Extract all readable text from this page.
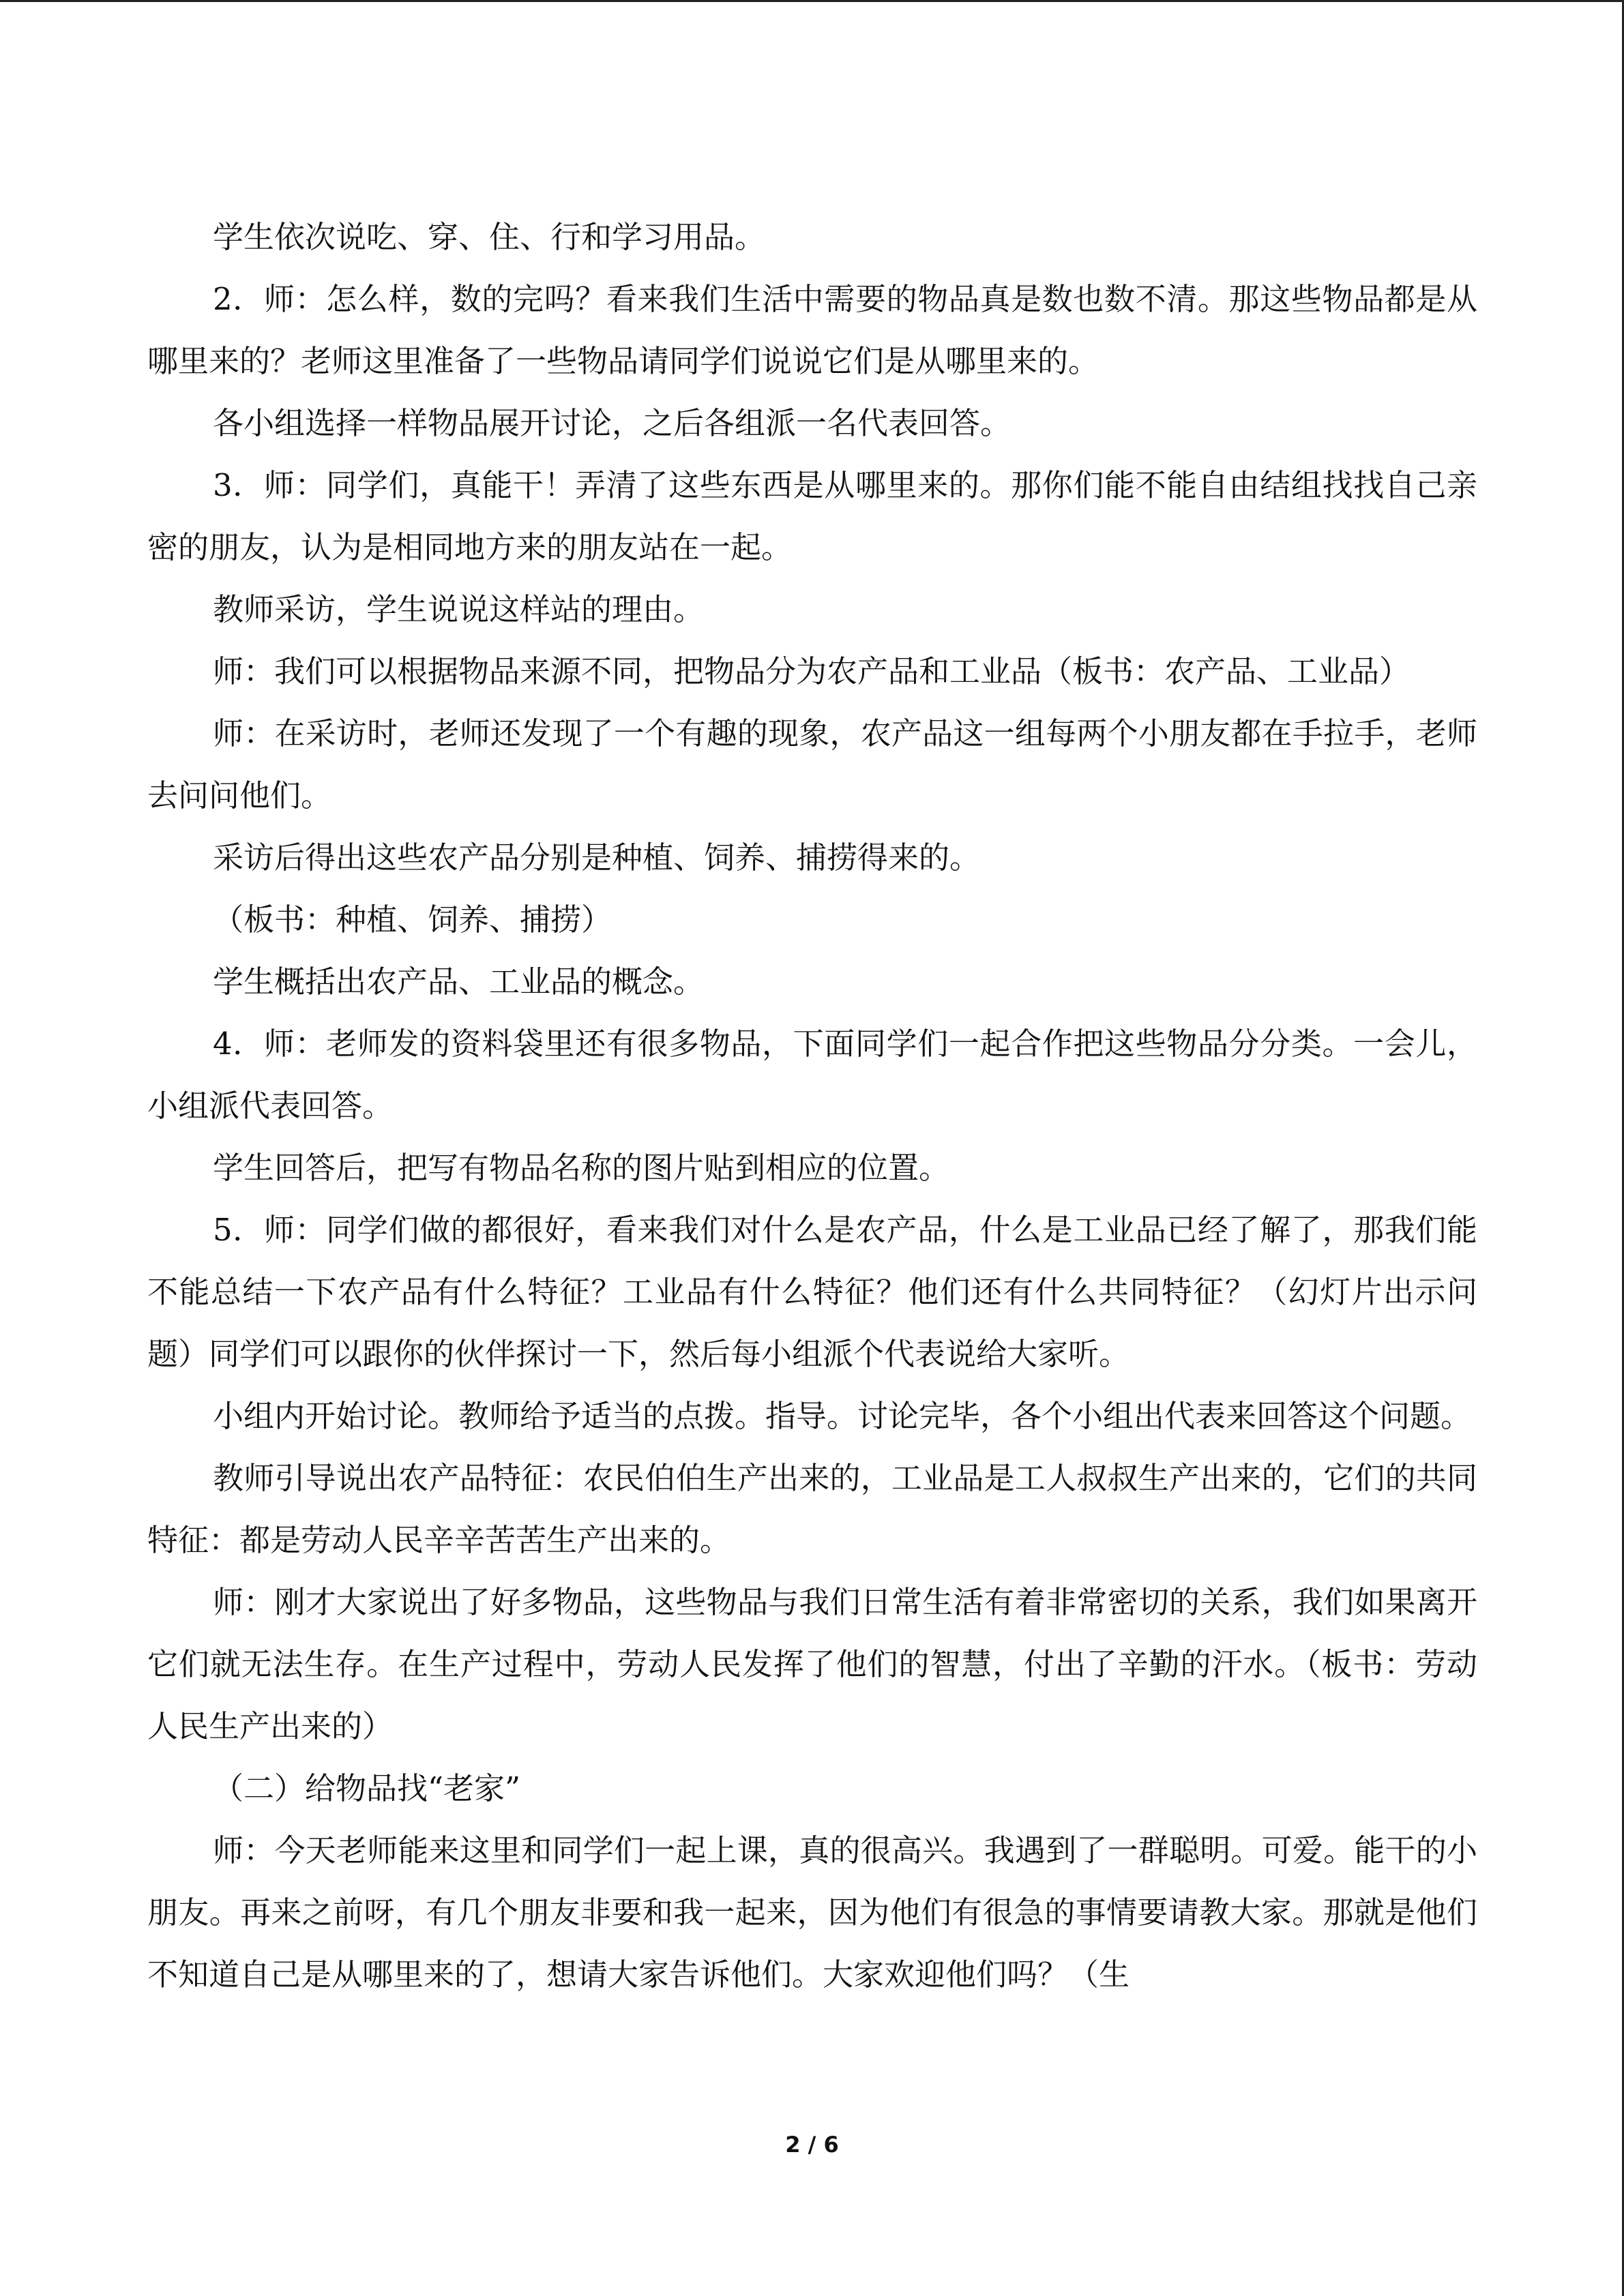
学生依次说吃、穿、住、行和学习用品。

2．师：怎么样，数的完吗？看来我们生活中需要的物品真是数也数不清。那这些物品都是从哪里来的？老师这里准备了一些物品请同学们说说它们是从哪里来的。

各小组选择一样物品展开讨论，之后各组派一名代表回答。

3．师：同学们，真能干！弄清了这些东西是从哪里来的。那你们能不能自由结组找找自己亲密的朋友，认为是相同地方来的朋友站在一起。

教师采访，学生说说这样站的理由。

师：我们可以根据物品来源不同，把物品分为农产品和工业品（板书：农产品、工业品）

师：在采访时，老师还发现了一个有趣的现象，农产品这一组每两个小朋友都在手拉手，老师去问问他们。

采访后得出这些农产品分别是种植、饲养、捕捞得来的。

（板书：种植、饲养、捕捞）

学生概括出农产品、工业品的概念。

4．师：老师发的资料袋里还有很多物品，下面同学们一起合作把这些物品分分类。一会儿，小组派代表回答。

学生回答后，把写有物品名称的图片贴到相应的位置。

5．师：同学们做的都很好，看来我们对什么是农产品，什么是工业品已经了解了，那我们能不能总结一下农产品有什么特征？工业品有什么特征？他们还有什么共同特征？（幻灯片出示问题）同学们可以跟你的伙伴探讨一下，然后每小组派个代表说给大家听。

小组内开始讨论。教师给予适当的点拨。指导。讨论完毕，各个小组出代表来回答这个问题。

教师引导说出农产品特征：农民伯伯生产出来的，工业品是工人叔叔生产出来的，它们的共同特征：都是劳动人民辛辛苦苦生产出来的。

师：刚才大家说出了好多物品，这些物品与我们日常生活有着非常密切的关系，我们如果离开它们就无法生存。在生产过程中，劳动人民发挥了他们的智慧，付出了辛勤的汗水。（板书：劳动人民生产出来的）

（二）给物品找“老家”

师：今天老师能来这里和同学们一起上课，真的很高兴。我遇到了一群聪明。可爱。能干的小朋友。再来之前呀，有几个朋友非要和我一起来，因为他们有很急的事情要请教大家。那就是他们不知道自己是从哪里来的了，想请大家告诉他们。大家欢迎他们吗？（生

2 / 6
